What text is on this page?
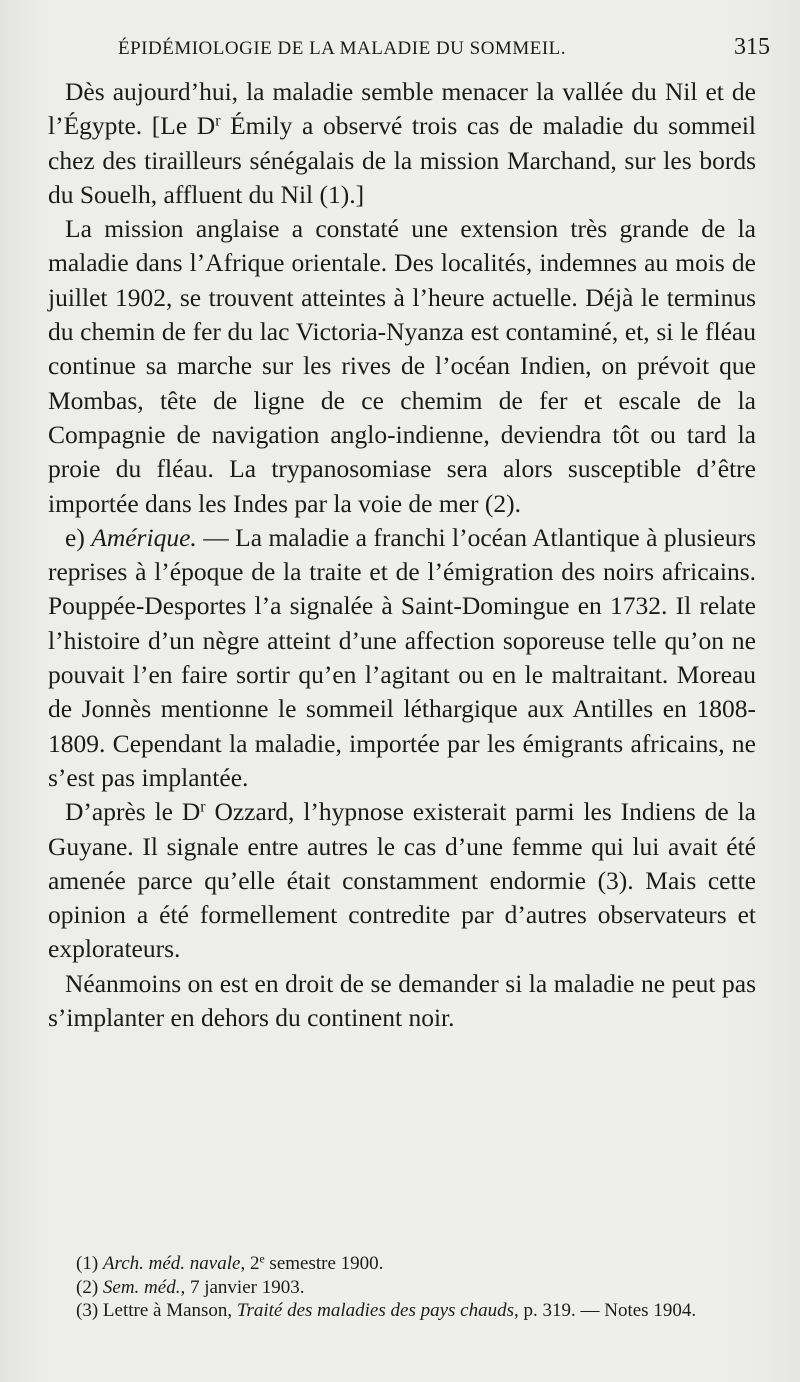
ÉPIDÉMIOLOGIE DE LA MALADIE DU SOMMEIL.	315

Dès aujourd’hui, la maladie semble menacer la vallée du Nil et de l’Égypte. [Le $D^r$ Émily a observé trois cas de maladie du sommeil chez des tirailleurs sénégalais de la mission Marchand, sur les bords du Souelh, affluent du Nil (1).]

La mission anglaise a constaté une extension très grande de la maladie dans l’Afrique orientale. Des localités, indemnes au mois de juillet 1902, se trouvent atteintes à l’heure actuelle. Déjà le terminus du chemin de fer du lac Victoria-Nyanza est contaminé, et, si le fléau continue sa marche sur les rives de l’océan Indien, on prévoit que Mombas, tête de ligne de ce chemim de fer et escale de la Compagnie de navigation anglo-indienne, deviendra tôt ou tard la proie du fléau. La trypanosomiase sera alors susceptible d’être importée dans les Indes par la voie de mer (2).

e) Amérique. — La maladie a franchi l’océan Atlantique à plusieurs reprises à l’époque de la traite et de l’émigration des noirs africains. Pouppée-Desportes l’a signalée à Saint-Domingue en 1732. Il relate l’histoire d’un nègre atteint d’une affection soporeuse telle qu’on ne pouvait l’en faire sortir qu’en l’agitant ou en le maltraitant. Moreau de Jonnès mentionne le sommeil léthargique aux Antilles en 1808-1809. Cependant la maladie, importée par les émigrants africains, ne s’est pas implantée.

D’après le $D^r$ Ozzard, l’hypnose existerait parmi les Indiens de la Guyane. Il signale entre autres le cas d’une femme qui lui avait été amenée parce qu’elle était constamment endormie (3). Mais cette opinion a été formellement contredite par d’autres observateurs et explorateurs.

Néanmoins on est en droit de se demander si la maladie ne peut pas s’implanter en dehors du continent noir.

(1) Arch. méd. navale, 2e semestre 1900.

(2) Sem. méd., 7 janvier 1903.

(3) Lettre à Manson, Traité des maladies des pays chauds, p. 319. — Notes 1904.
